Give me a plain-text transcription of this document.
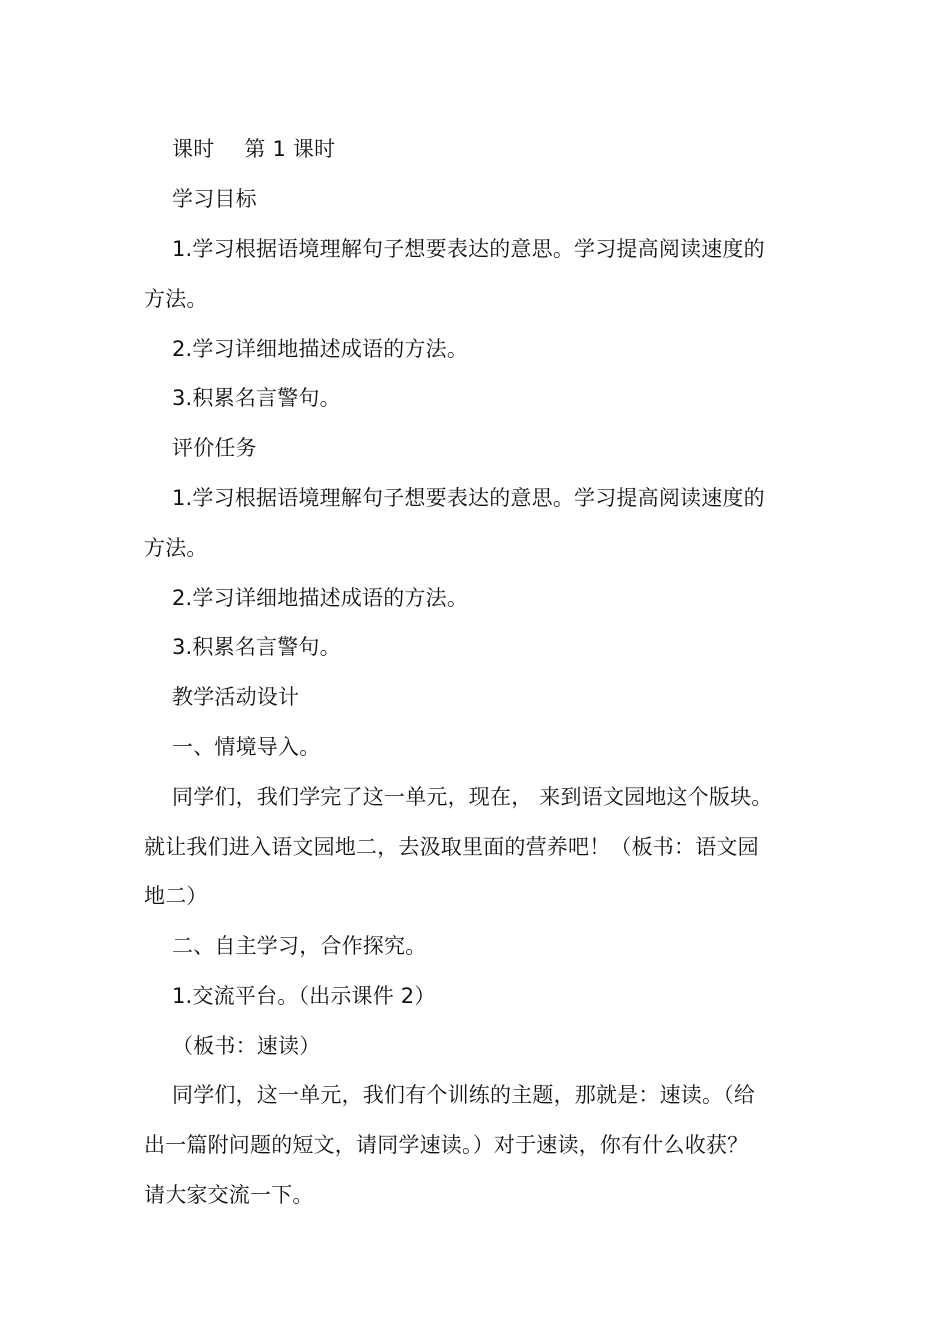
课时 第 1 课时
学习目标
1.学习根据语境理解句子想要表达的意思。学习提高阅读速度的
方法。
2.学习详细地描述成语的方法。
3.积累名言警句。
评价任务
1.学习根据语境理解句子想要表达的意思。学习提高阅读速度的
方法。
2.学习详细地描述成语的方法。
3.积累名言警句。
教学活动设计
一、情境导入。
同学们，我们学完了这一单元，现在， 来到语文园地这个版块。
就让我们进入语文园地二，去汲取里面的营养吧！（板书：语文园
地二）
二、自主学习，合作探究。
1.交流平台。（出示课件 2）
（板书：速读）
同学们，这一单元，我们有个训练的主题，那就是：速读。（给
出一篇附问题的短文，请同学速读。）对于速读，你有什么收获？
请大家交流一下。
